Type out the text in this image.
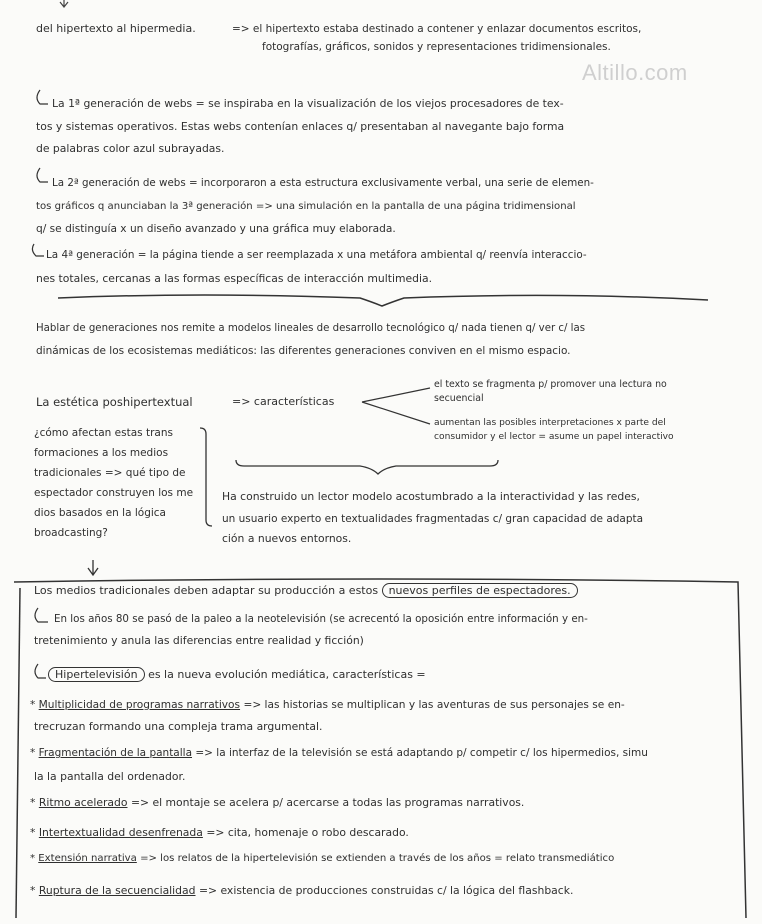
Altillo.com
del hipertexto al hipermedia.	=> el hipertexto estaba destinado a contener y enlazar documentos escritos,
fotografías, gráficos, sonidos y representaciones tridimensionales.
La 1ª generación de webs = se inspiraba en la visualización de los viejos procesadores de tex-
tos y sistemas operativos. Estas webs contenían enlaces q/ presentaban al navegante bajo forma
de palabras color azul subrayadas.
La 2ª generación de webs = incorporaron a esta estructura exclusivamente verbal, una serie de elemen-
tos gráficos q anunciaban la 3ª generación => una simulación en la pantalla de una página tridimensional
q/ se distinguía x un diseño avanzado y una gráfica muy elaborada.
La 4ª generación = la página tiende a ser reemplazada x una metáfora ambiental q/ reenvía interaccio-
nes totales, cercanas a las formas específicas de interacción multimedia.
Hablar de generaciones nos remite a modelos lineales de desarrollo tecnológico q/ nada tienen q/ ver c/ las
dinámicas de los ecosistemas mediáticos: las diferentes generaciones conviven en el mismo espacio.
La estética poshipertextual	=> características
el texto se fragmenta p/ promover una lectura no
secuencial
aumentan las posibles interpretaciones x parte del
consumidor y el lector = asume un papel interactivo
¿cómo afectan estas trans
formaciones a los medios
tradicionales => qué tipo de
espectador construyen los me
dios basados en la lógica
broadcasting?
Ha construido un lector modelo acostumbrado a la interactividad y las redes,
un usuario experto en textualidades fragmentadas c/ gran capacidad de adapta
ción a nuevos entornos.
Los medios tradicionales deben adaptar su producción a estos nuevos perfiles de espectadores.
En los años 80 se pasó de la paleo a la neotelevisión (se acrecentó la oposición entre información y en-
tretenimiento y anula las diferencias entre realidad y ficción)
Hipertelevisión es la nueva evolución mediática, características =
* Multiplicidad de programas narrativos => las historias se multiplican y las aventuras de sus personajes se en-
trecruzan formando una compleja trama argumental.
* Fragmentación de la pantalla => la interfaz de la televisión se está adaptando p/ competir c/ los hipermedios, simu
la la pantalla del ordenador.
* Ritmo acelerado => el montaje se acelera p/ acercarse a todas las programas narrativos.
* Intertextualidad desenfrenada => cita, homenaje o robo descarado.
* Extensión narrativa => los relatos de la hipertelevisión se extienden a través de los años = relato transmediático
* Ruptura de la secuencialidad => existencia de producciones construidas c/ la lógica del flashback.
